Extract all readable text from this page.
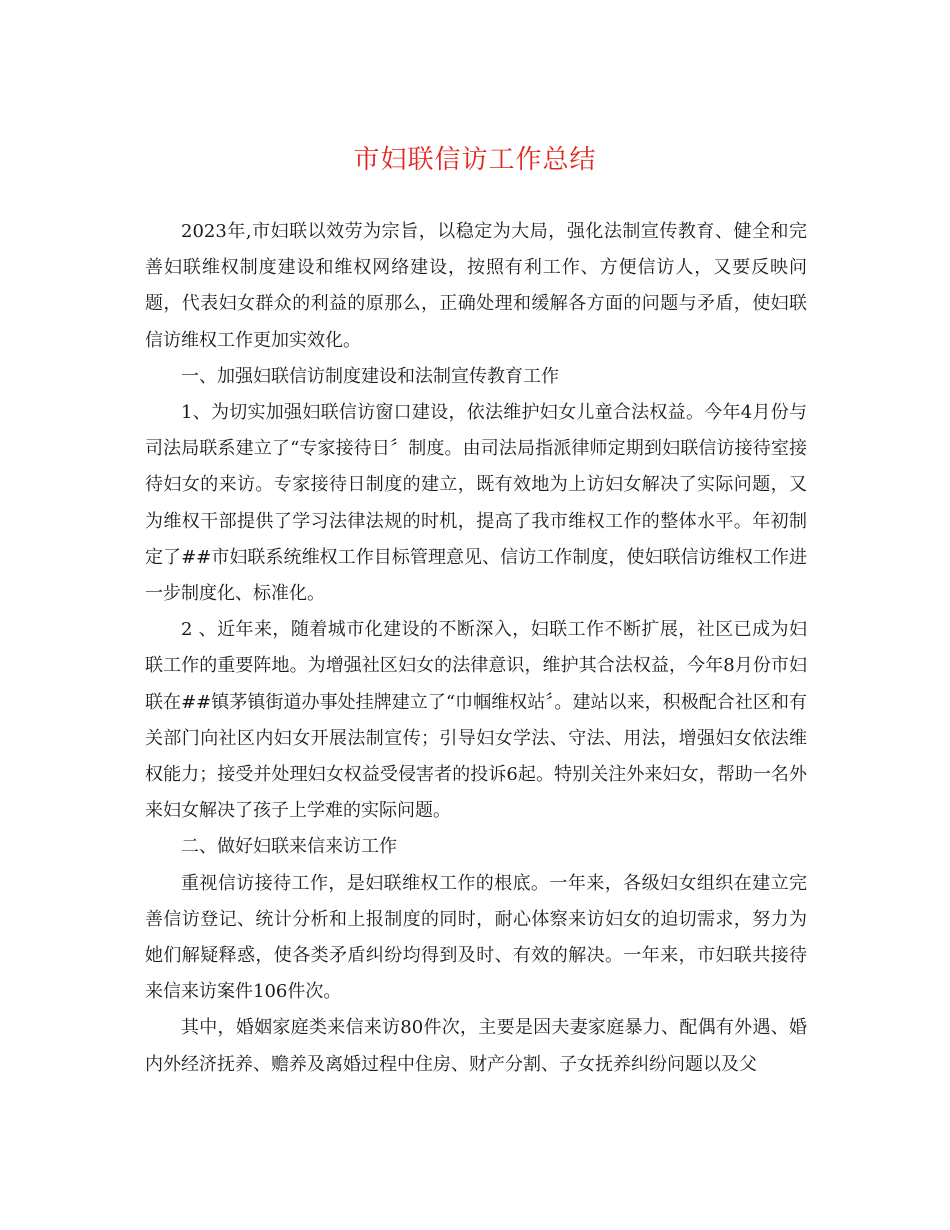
市妇联信访工作总结

2023年,市妇联以效劳为宗旨，以稳定为大局，强化法制宣传教育、健全和完善妇联维权制度建设和维权网络建设，按照有利工作、方便信访人，又要反映问题，代表妇女群众的利益的原那么，正确处理和缓解各方面的问题与矛盾，使妇联信访维权工作更加实效化。

一、加强妇联信访制度建设和法制宣传教育工作

1、为切实加强妇联信访窗口建设，依法维护妇女儿童合法权益。今年4月份与司法局联系建立了“专家接待日〞制度。由司法局指派律师定期到妇联信访接待室接待妇女的来访。专家接待日制度的建立，既有效地为上访妇女解决了实际问题，又为维权干部提供了学习法律法规的时机，提高了我市维权工作的整体水平。年初制定了##市妇联系统维权工作目标管理意见、信访工作制度，使妇联信访维权工作进一步制度化、标准化。

2 、近年来，随着城市化建设的不断深入，妇联工作不断扩展，社区已成为妇联工作的重要阵地。为增强社区妇女的法律意识，维护其合法权益，今年8月份市妇联在##镇茅镇街道办事处挂牌建立了“巾帼维权站〞。建站以来，积极配合社区和有关部门向社区内妇女开展法制宣传；引导妇女学法、守法、用法，增强妇女依法维权能力；接受并处理妇女权益受侵害者的投诉6起。特别关注外来妇女，帮助一名外来妇女解决了孩子上学难的实际问题。

二、做好妇联来信来访工作

重视信访接待工作，是妇联维权工作的根底。一年来，各级妇女组织在建立完善信访登记、统计分析和上报制度的同时，耐心体察来访妇女的迫切需求，努力为她们解疑释惑，使各类矛盾纠纷均得到及时、有效的解决。一年来，市妇联共接待来信来访案件106件次。

其中，婚姻家庭类来信来访80件次，主要是因夫妻家庭暴力、配偶有外遇、婚内外经济抚养、赡养及离婚过程中住房、财产分割、子女抚养纠纷问题以及父
